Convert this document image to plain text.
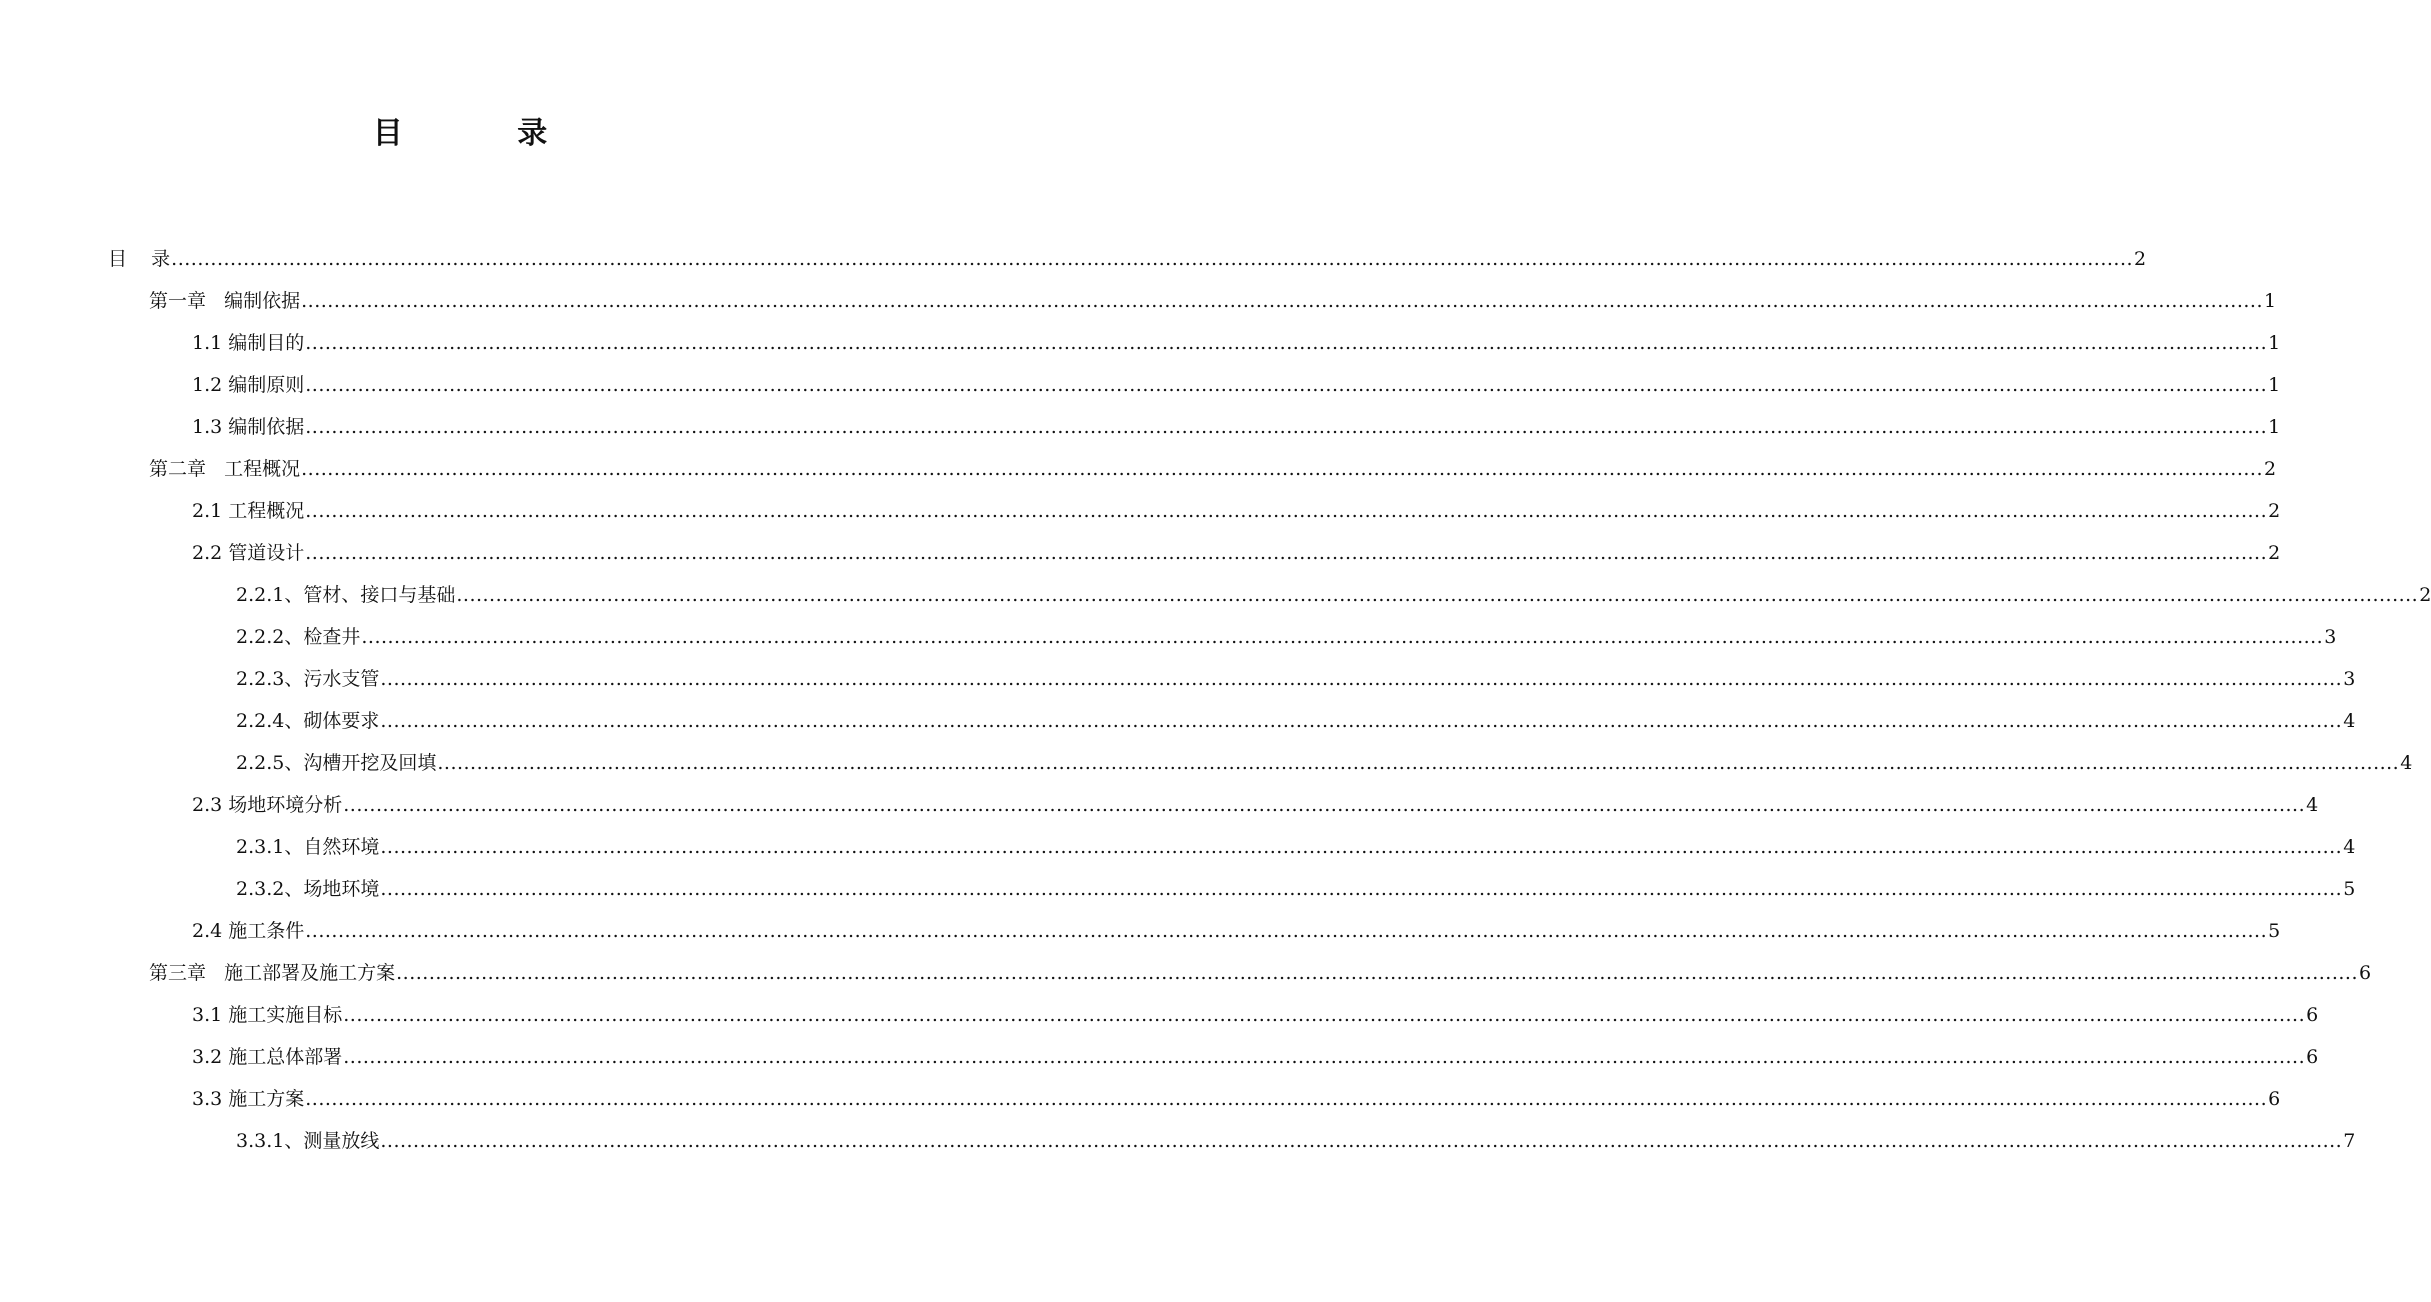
目 录
目    录 ............................................................................................................................................................................................................................................................................................................ 2
第一章   编制依据 ............................................................................................................................................................................................................................................................................................................ 1
1.1 编制目的 ............................................................................................................................................................................................................................................................................................................ 1
1.2 编制原则 ............................................................................................................................................................................................................................................................................................................ 1
1.3 编制依据 ............................................................................................................................................................................................................................................................................................................ 1
第二章   工程概况 ............................................................................................................................................................................................................................................................................................................ 2
2.1 工程概况 ............................................................................................................................................................................................................................................................................................................ 2
2.2 管道设计 ............................................................................................................................................................................................................................................................................................................ 2
2.2.1、管材、接口与基础 ............................................................................................................................................................................................................................................................................................................ 2
2.2.2、检查井 ............................................................................................................................................................................................................................................................................................................ 3
2.2.3、污水支管 ............................................................................................................................................................................................................................................................................................................ 3
2.2.4、砌体要求 ............................................................................................................................................................................................................................................................................................................ 4
2.2.5、沟槽开挖及回填 ............................................................................................................................................................................................................................................................................................................ 4
2.3 场地环境分析 ............................................................................................................................................................................................................................................................................................................ 4
2.3.1、自然环境 ............................................................................................................................................................................................................................................................................................................ 4
2.3.2、场地环境 ............................................................................................................................................................................................................................................................................................................ 5
2.4 施工条件 ............................................................................................................................................................................................................................................................................................................ 5
第三章   施工部署及施工方案 ............................................................................................................................................................................................................................................................................................................ 6
3.1 施工实施目标 ............................................................................................................................................................................................................................................................................................................ 6
3.2 施工总体部署 ............................................................................................................................................................................................................................................................................................................ 6
3.3 施工方案 ............................................................................................................................................................................................................................................................................................................ 6
3.3.1、测量放线 ............................................................................................................................................................................................................................................................................................................ 7
